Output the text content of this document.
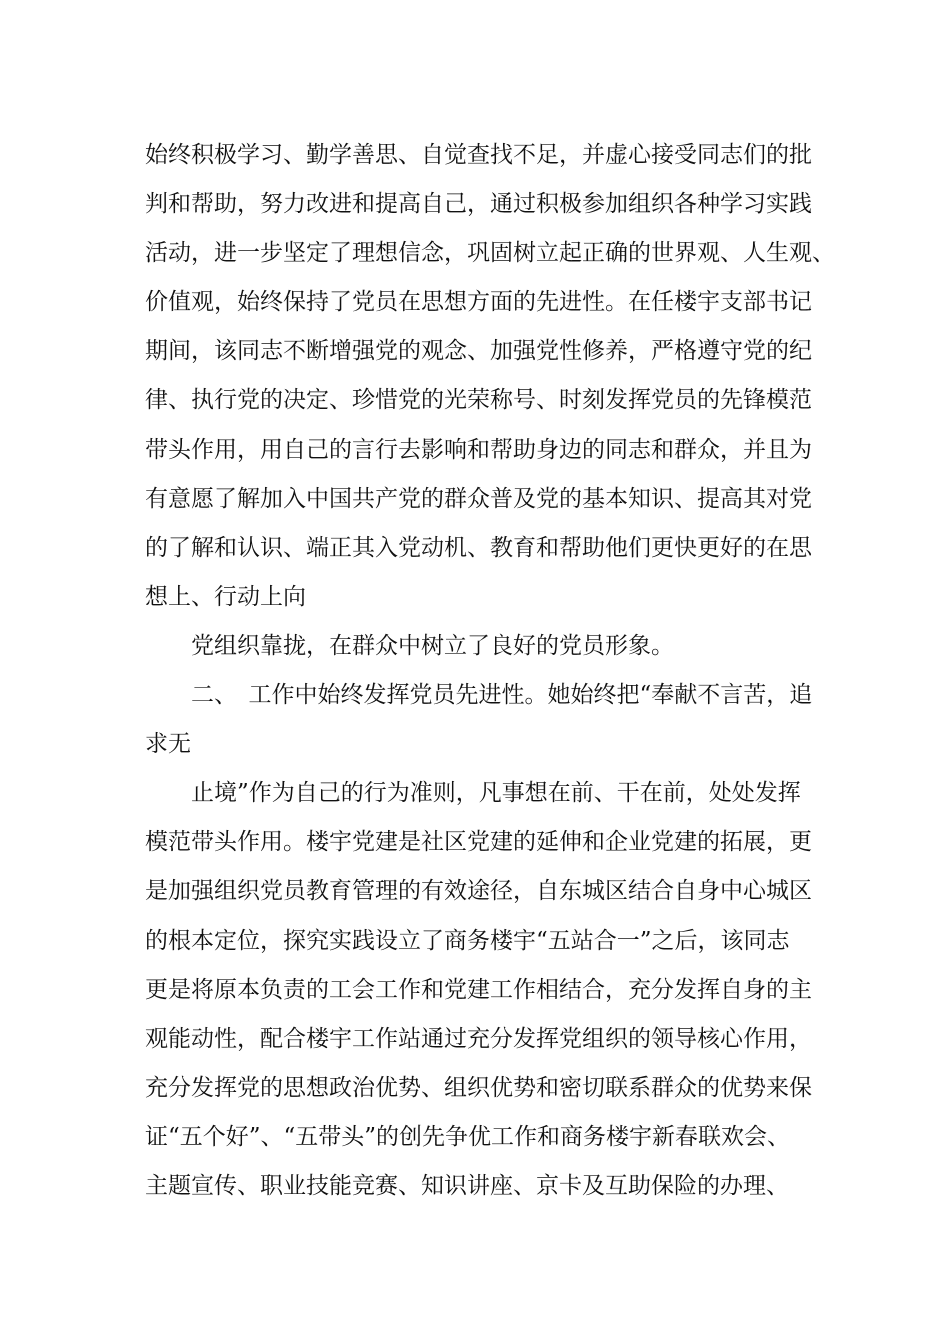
始终积极学习、勤学善思、自觉查找不足，并虚心接受同志们的批
判和帮助，努力改进和提高自己，通过积极参加组织各种学习实践
活动，进一步坚定了理想信念，巩固树立起正确的世界观、人生观、
价值观，始终保持了党员在思想方面的先进性。在任楼宇支部书记
期间，该同志不断增强党的观念、加强党性修养，严格遵守党的纪
律、执行党的决定、珍惜党的光荣称号、时刻发挥党员的先锋模范
带头作用，用自己的言行去影响和帮助身边的同志和群众，并且为
有意愿了解加入中国共产党的群众普及党的基本知识、提高其对党
的了解和认识、端正其入党动机、教育和帮助他们更快更好的在思
想上、行动上向
党组织靠拢，在群众中树立了良好的党员形象。
二、　工作中始终发挥党员先进性。她始终把“奉献不言苦，追
求无
止境”作为自己的行为准则，凡事想在前、干在前，处处发挥
模范带头作用。楼宇党建是社区党建的延伸和企业党建的拓展，更
是加强组织党员教育管理的有效途径，自东城区结合自身中心城区
的根本定位，探究实践设立了商务楼宇“五站合一”之后，该同志
更是将原本负责的工会工作和党建工作相结合，充分发挥自身的主
观能动性，配合楼宇工作站通过充分发挥党组织的领导核心作用，
充分发挥党的思想政治优势、组织优势和密切联系群众的优势来保
证“五个好”、“五带头”的创先争优工作和商务楼宇新春联欢会、
主题宣传、职业技能竞赛、知识讲座、京卡及互助保险的办理、
